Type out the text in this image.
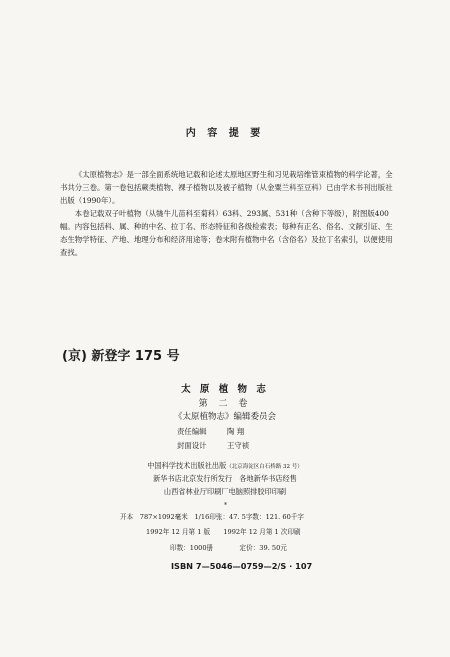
内 容 提 要

《太原植物志》是一部全面系统地记载和论述太原地区野生和习见栽培维管束植物的科学论著，全书共分三卷。第一卷包括蕨类植物、裸子植物以及被子植物（从金粟兰科至豆科）已由学术书刊出版社出版（1990年）。

本卷记载双子叶植物（从牻牛儿苗科至菊科）63科、293属、531种（含种下等级），附图版400幅。内容包括科、属、种的中名、拉丁名、形态特征和各级检索表；每种有正名、俗名、文献引证、生态生物学特征、产地、地理分布和经济用途等；卷末附有植物中名（含俗名）及拉丁名索引，以便使用查找。

(京) 新登字 175 号
太 原 植 物 志
第 二 卷
《太原植物志》编辑委员会
责任编辑	陶 翔
封面设计	王守祯
中国科学技术出版社出版（北京海淀区白石桥路 32 号）
新华书店北京发行所发行　各地新华书店经售
山西省林业厅印刷厂电脑照排胶印印刷
*
开本　787×1092毫米　1/16印张：47. 5字数：121. 60千字
1992年 12 月第 1 版　　1992年 12 月第 1 次印刷
印数：1000册　　　　定价：39. 50元
ISBN 7—5046—0759—2/S · 107
